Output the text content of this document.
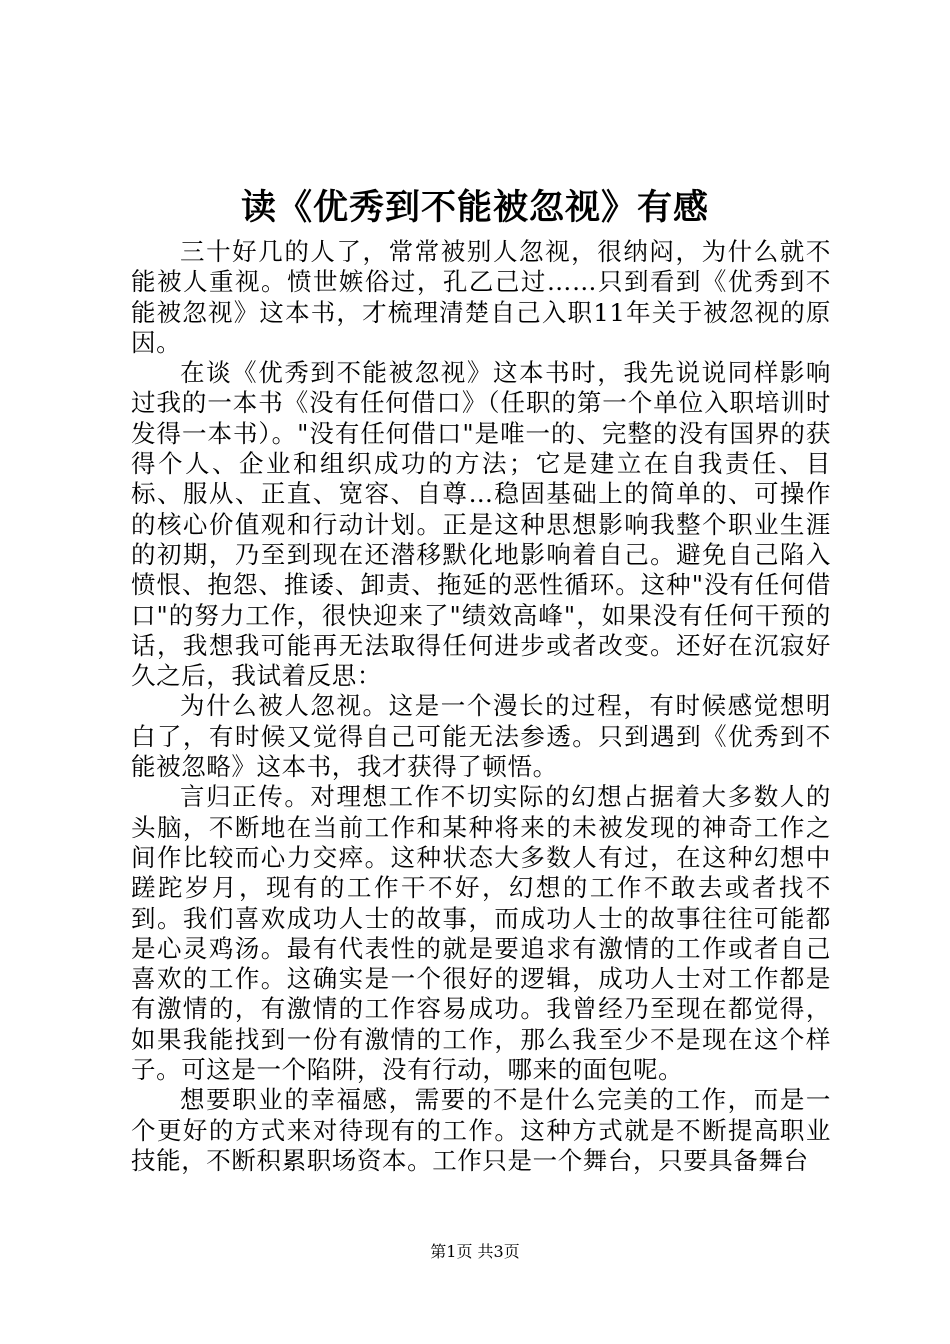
读《优秀到不能被忽视》有感

三十好几的人了，常常被别人忽视，很纳闷，为什么就不能被人重视。愤世嫉俗过，孔乙己过……只到看到《优秀到不能被忽视》这本书，才梳理清楚自己入职11年关于被忽视的原因。

在谈《优秀到不能被忽视》这本书时，我先说说同样影响过我的一本书《没有任何借口》（任职的第一个单位入职培训时发得一本书）。"没有任何借口"是唯一的、完整的没有国界的获得个人、企业和组织成功的方法；它是建立在自我责任、目标、服从、正直、宽容、自尊…稳固基础上的简单的、可操作的核心价值观和行动计划。正是这种思想影响我整个职业生涯的初期，乃至到现在还潜移默化地影响着自己。避免自己陷入愤恨、抱怨、推诿、卸责、拖延的恶性循环。这种"没有任何借口"的努力工作，很快迎来了"绩效高峰"，如果没有任何干预的话，我想我可能再无法取得任何进步或者改变。还好在沉寂好久之后，我试着反思：

为什么被人忽视。这是一个漫长的过程，有时候感觉想明白了，有时候又觉得自己可能无法参透。只到遇到《优秀到不能被忽略》这本书，我才获得了顿悟。

言归正传。对理想工作不切实际的幻想占据着大多数人的头脑，不断地在当前工作和某种将来的未被发现的神奇工作之间作比较而心力交瘁。这种状态大多数人有过，在这种幻想中蹉跎岁月，现有的工作干不好，幻想的工作不敢去或者找不到。我们喜欢成功人士的故事，而成功人士的故事往往可能都是心灵鸡汤。最有代表性的就是要追求有激情的工作或者自己喜欢的工作。这确实是一个很好的逻辑，成功人士对工作都是有激情的，有激情的工作容易成功。我曾经乃至现在都觉得，如果我能找到一份有激情的工作，那么我至少不是现在这个样子。可这是一个陷阱，没有行动，哪来的面包呢。

想要职业的幸福感，需要的不是什么完美的工作，而是一个更好的方式来对待现有的工作。这种方式就是不断提高职业技能，不断积累职场资本。工作只是一个舞台，只要具备舞台

第1页 共3页
